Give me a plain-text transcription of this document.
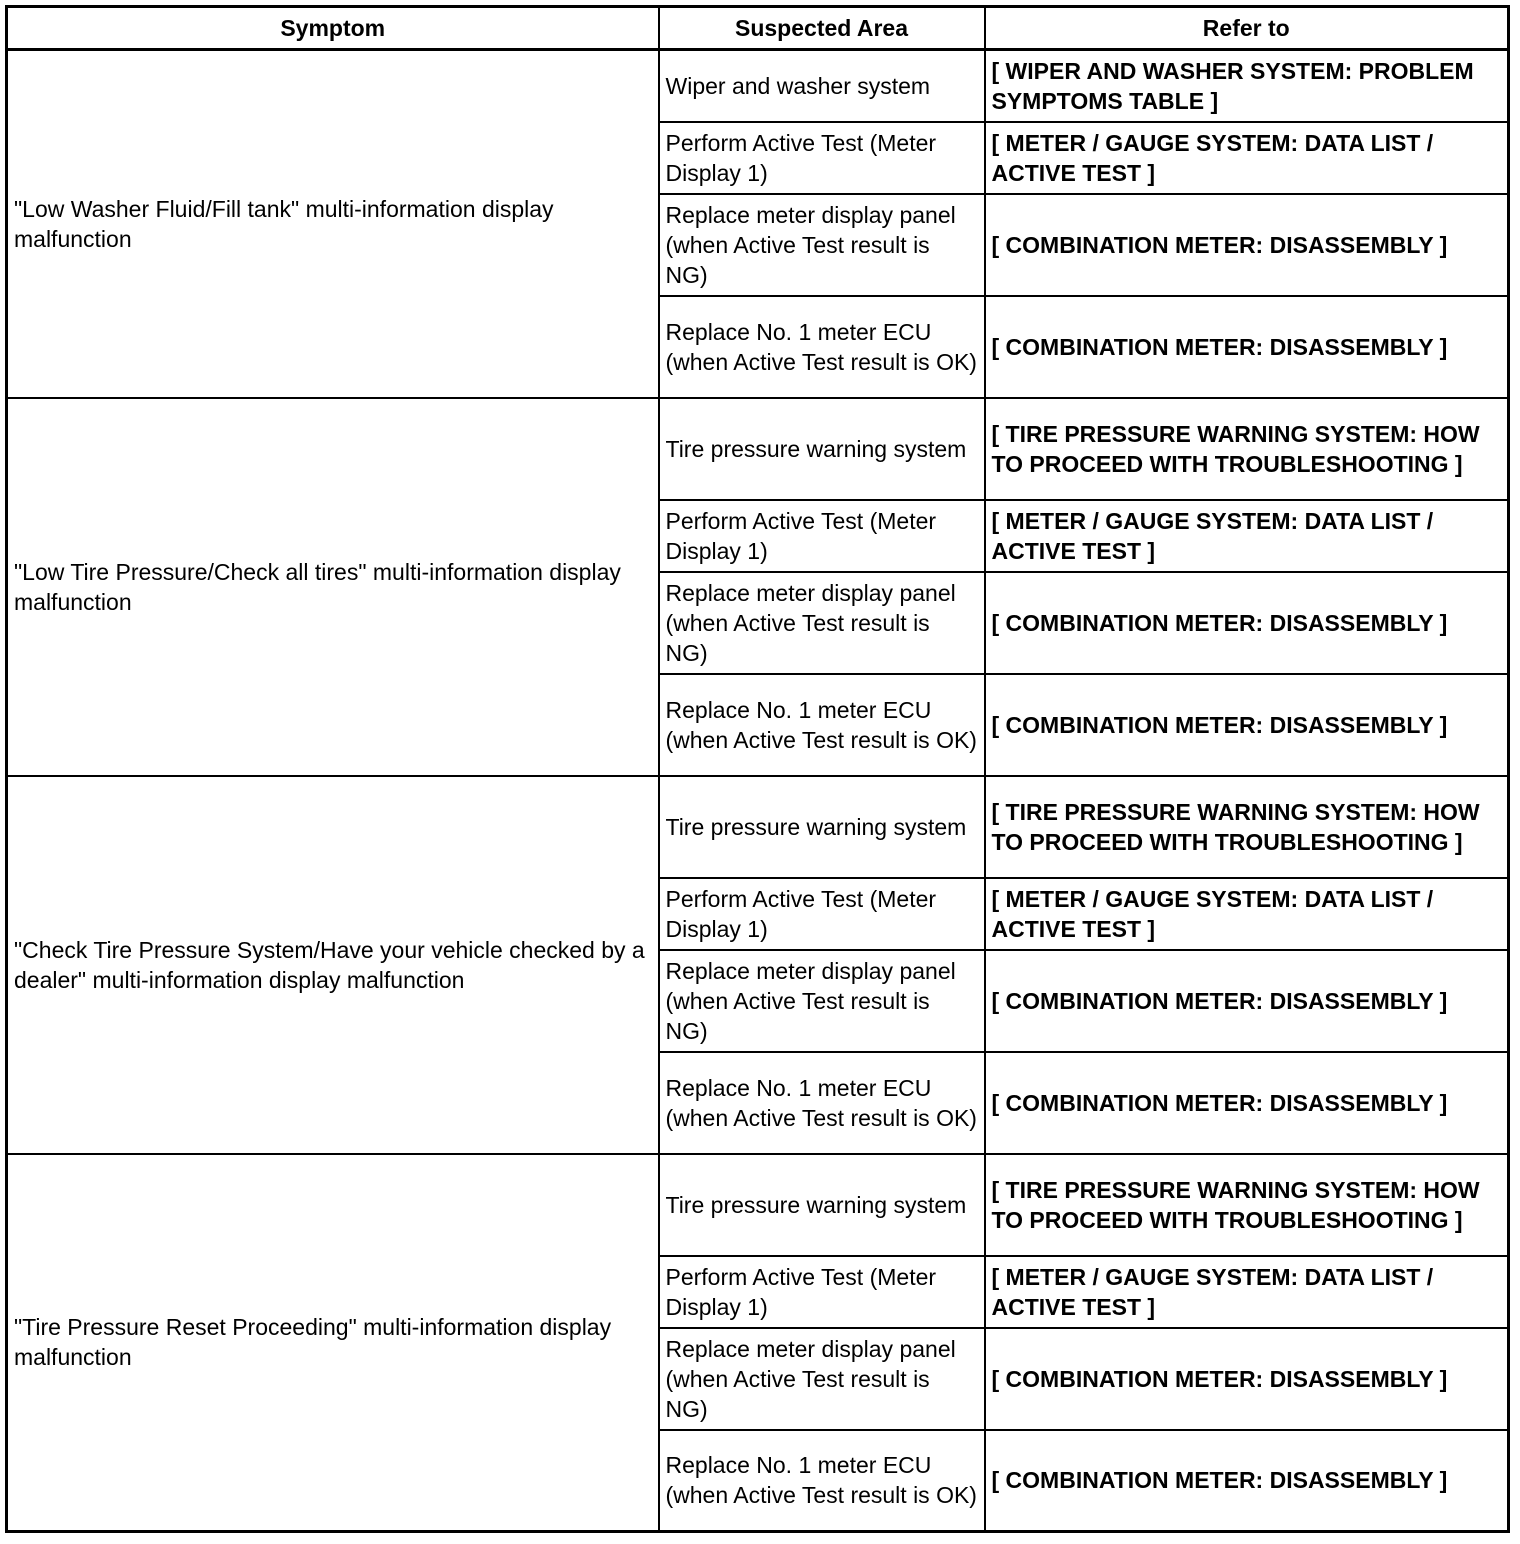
Symptom	Suspected Area	Refer to
"Low Washer Fluid/Fill tank" multi-information display malfunction	Wiper and washer system	[ WIPER AND WASHER SYSTEM: PROBLEM SYMPTOMS TABLE ]
	Perform Active Test (Meter Display 1)	[ METER / GAUGE SYSTEM: DATA LIST / ACTIVE TEST ]
	Replace meter display panel (when Active Test result is NG)	[ COMBINATION METER: DISASSEMBLY ]
	Replace No. 1 meter ECU (when Active Test result is OK)	[ COMBINATION METER: DISASSEMBLY ]
"Low Tire Pressure/Check all tires" multi-information display malfunction	Tire pressure warning system	[ TIRE PRESSURE WARNING SYSTEM: HOW TO PROCEED WITH TROUBLESHOOTING ]
	Perform Active Test (Meter Display 1)	[ METER / GAUGE SYSTEM: DATA LIST / ACTIVE TEST ]
	Replace meter display panel (when Active Test result is NG)	[ COMBINATION METER: DISASSEMBLY ]
	Replace No. 1 meter ECU (when Active Test result is OK)	[ COMBINATION METER: DISASSEMBLY ]
"Check Tire Pressure System/Have your vehicle checked by a dealer" multi-information display malfunction	Tire pressure warning system	[ TIRE PRESSURE WARNING SYSTEM: HOW TO PROCEED WITH TROUBLESHOOTING ]
	Perform Active Test (Meter Display 1)	[ METER / GAUGE SYSTEM: DATA LIST / ACTIVE TEST ]
	Replace meter display panel (when Active Test result is NG)	[ COMBINATION METER: DISASSEMBLY ]
	Replace No. 1 meter ECU (when Active Test result is OK)	[ COMBINATION METER: DISASSEMBLY ]
"Tire Pressure Reset Proceeding" multi-information display malfunction	Tire pressure warning system	[ TIRE PRESSURE WARNING SYSTEM: HOW TO PROCEED WITH TROUBLESHOOTING ]
	Perform Active Test (Meter Display 1)	[ METER / GAUGE SYSTEM: DATA LIST / ACTIVE TEST ]
	Replace meter display panel (when Active Test result is NG)	[ COMBINATION METER: DISASSEMBLY ]
	Replace No. 1 meter ECU (when Active Test result is OK)	[ COMBINATION METER: DISASSEMBLY ]
